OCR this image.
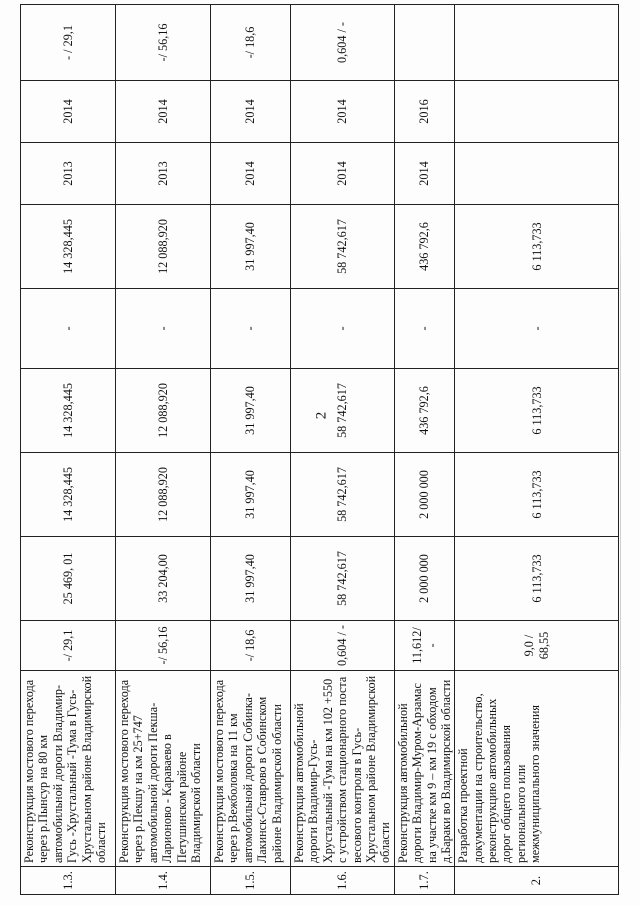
2
1.3.	Реконструкция мостового перехода через р.Пынсур на 80 км автомобильной дороги Владимир-Гусь -Хрустальный -Тума в Гусь-Хрустальном районе Владимирской области	-/ 29,1	25 469, 01	14 328,445	14 328,445	-	14 328,445	2013	2014	- / 29,1
1.4.	Реконструкция мостового перехода через р.Пекшу на км 25+747 автомобильной дороги Пекша-Ларионово - Караваево в Петушинском районе Владимирской области	-/ 56,16	33 204,00	12 088,920	12 088,920	-	12 088,920	2013	2014	-/ 56,16
1.5.	Реконструкция мостового перехода через р.Вежболовка на 11 км автомобильной дороги Собинка-Лакинск-Ставрово в Собинском районе Владимирской области	-/ 18,6	31 997,40	31 997,40	31 997,40	-	31 997,40	2014	2014	-/ 18,6
1.6.	Реконструкция автомобильной дороги Владимир-Гусь-Хрустальный -Тума на км 102 +550 с устройством стационарного поста весового контроля в Гусь-Хрустальном районе Владимирской области	0,604 / -	58 742,617	58 742,617	58 742,617	-	58 742,617	2014	2014	0,604 / -
1.7.	Реконструкция автомобильной дороги Владимир-Муром-Арзамас на участке км 9 – км 19 с обходом д.Бараки во Владимирской области	11,612/ -	2 000 000	2 000 000	436 792,6	-	436 792,6	2014	2016	
2.	Разработка проектной документации на строительство, реконструкцию автомобильных дорог общего пользования регионального или межмуниципального значения	9,0 / 68,55	6 113,733	6 113,733	6 113,733	-	6 113,733			
